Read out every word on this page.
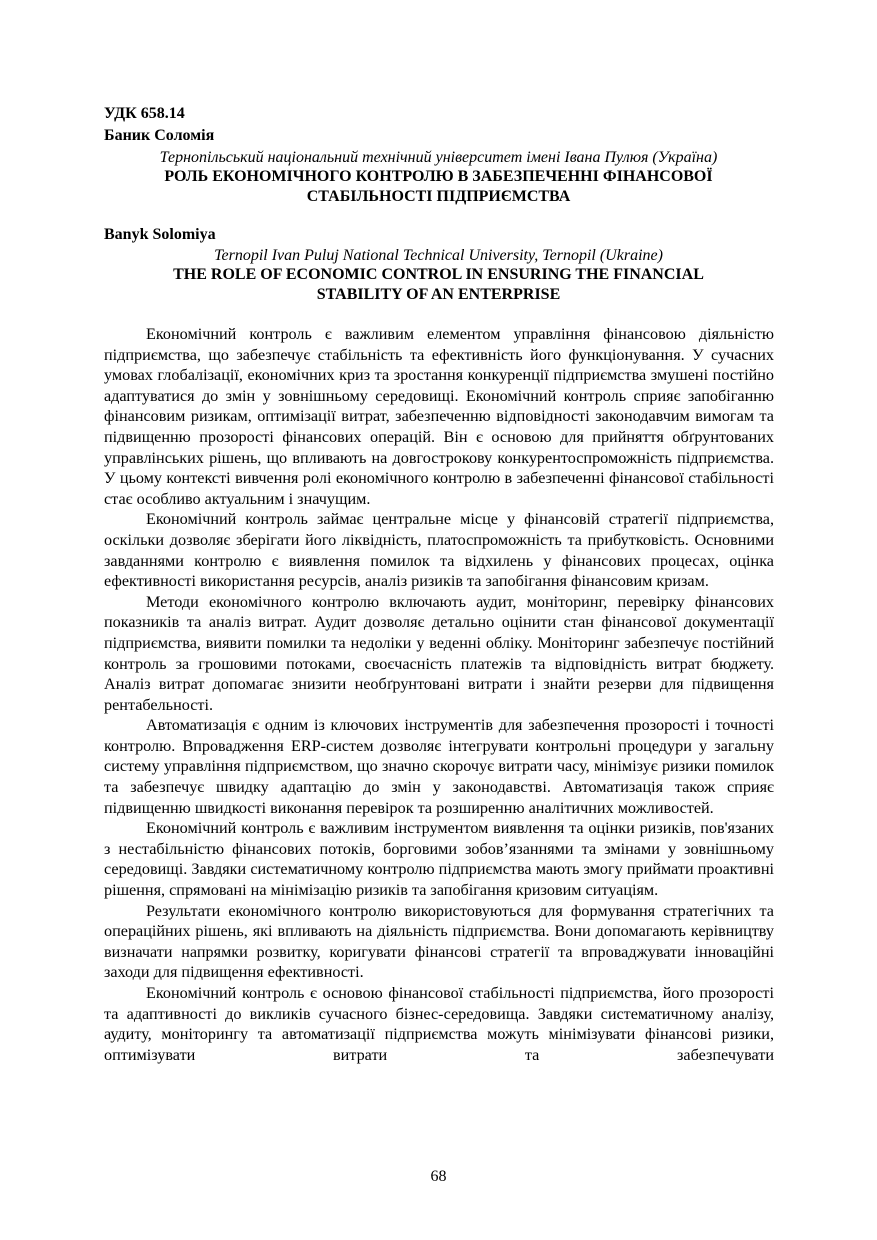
УДК 658.14
Баник Соломія
Тернопільський національний технічний університет імені Івана Пулюя (Україна)
РОЛЬ ЕКОНОМІЧНОГО КОНТРОЛЮ В ЗАБЕЗПЕЧЕННІ ФІНАНСОВОЇ
СТАБІЛЬНОСТІ ПІДПРИЄМСТВА
Banyk Solomiya
Ternopil Ivan Puluj National Technical University, Ternopil (Ukraine)
THE ROLE OF ECONOMIC CONTROL IN ENSURING THE FINANCIAL
STABILITY OF AN ENTERPRISE

Економічний контроль є важливим елементом управління фінансовою діяльністю підприємства, що забезпечує стабільність та ефективність його функціонування. У сучасних умовах глобалізації, економічних криз та зростання конкуренції підприємства змушені постійно адаптуватися до змін у зовнішньому середовищі. Економічний контроль сприяє запобіганню фінансовим ризикам, оптимізації витрат, забезпеченню відповідності законодавчим вимогам та підвищенню прозорості фінансових операцій. Він є основою для прийняття обґрунтованих управлінських рішень, що впливають на довгострокову конкурентоспроможність підприємства. У цьому контексті вивчення ролі економічного контролю в забезпеченні фінансової стабільності стає особливо актуальним і значущим.

Економічний контроль займає центральне місце у фінансовій стратегії підприємства, оскільки дозволяє зберігати його ліквідність, платоспроможність та прибутковість. Основними завданнями контролю є виявлення помилок та відхилень у фінансових процесах, оцінка ефективності використання ресурсів, аналіз ризиків та запобігання фінансовим кризам.

Методи економічного контролю включають аудит, моніторинг, перевірку фінансових показників та аналіз витрат. Аудит дозволяє детально оцінити стан фінансової документації підприємства, виявити помилки та недоліки у веденні обліку. Моніторинг забезпечує постійний контроль за грошовими потоками, своєчасність платежів та відповідність витрат бюджету. Аналіз витрат допомагає знизити необґрунтовані витрати і знайти резерви для підвищення рентабельності.

Автоматизація є одним із ключових інструментів для забезпечення прозорості і точності контролю. Впровадження ERP-систем дозволяє інтегрувати контрольні процедури у загальну систему управління підприємством, що значно скорочує витрати часу, мінімізує ризики помилок та забезпечує швидку адаптацію до змін у законодавстві. Автоматизація також сприяє підвищенню швидкості виконання перевірок та розширенню аналітичних можливостей.

Економічний контроль є важливим інструментом виявлення та оцінки ризиків, пов'язаних з нестабільністю фінансових потоків, борговими зобов’язаннями та змінами у зовнішньому середовищі. Завдяки систематичному контролю підприємства мають змогу приймати проактивні рішення, спрямовані на мінімізацію ризиків та запобігання кризовим ситуаціям.

Результати економічного контролю використовуються для формування стратегічних та операційних рішень, які впливають на діяльність підприємства. Вони допомагають керівництву визначати напрямки розвитку, коригувати фінансові стратегії та впроваджувати інноваційні заходи для підвищення ефективності.

Економічний контроль є основою фінансової стабільності підприємства, його прозорості та адаптивності до викликів сучасного бізнес-середовища. Завдяки систематичному аналізу, аудиту, моніторингу та автоматизації підприємства можуть мінімізувати фінансові ризики, оптимізувати витрати та забезпечувати

68
